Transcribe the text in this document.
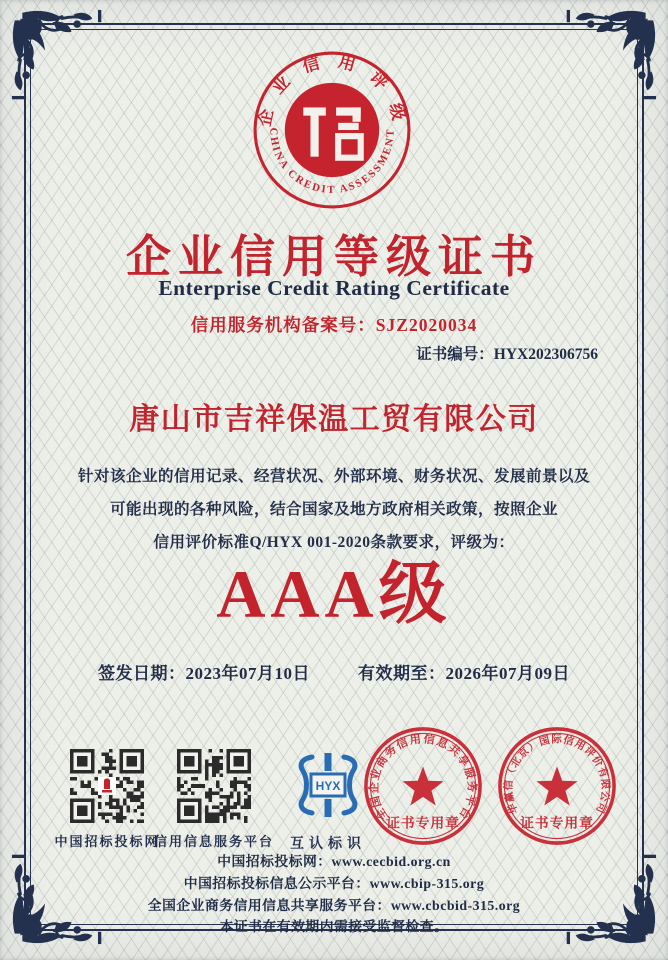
企 业 信 用 评 级
CHINA CREDIT ASSESSMENT
企业信用等级证书
Enterprise Credit Rating Certificate
信用服务机构备案号：SJZ2020034
证书编号：HYX202306756
唐山市吉祥保温工贸有限公司
针对该企业的信用记录、经营状况、外部环境、财务状况、发展前景以及
可能出现的各种风险，结合国家及地方政府相关政策，按照企业
信用评价标准Q/HYX 001-2020条款要求，评级为：
AAA级
签发日期：2023年07月10日	有效期至：2026年07月09日
中国招标投标网
信用信息服务平台
HYX
互认标识
全国企业商务信用信息共享服务平台
证书专用章
华赢信（北京）国际信用评价有限公司
证书专用章
中国招标投标网：www.cecbid.org.cn
中国招标投标信息公示平台：www.cbip-315.org
全国企业商务信用信息共享服务平台：www.cbcbid-315.org
本证书在有效期内需接受监督检查。
